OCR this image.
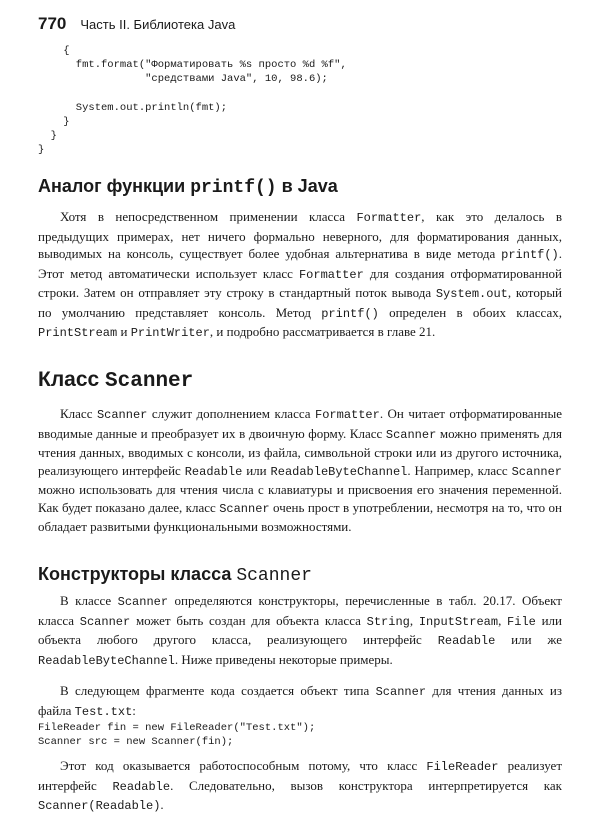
770 Часть II. Библиотека Java
{
fmt.format("Форматировать %s просто %d %f",
"средствами Java", 10, 98.6);

System.out.println(fmt);
}
}
}
Аналог функции printf() в Java
Хотя в непосредственном применении класса Formatter, как это делалось в предыдущих примерах, нет ничего формально неверного, для форматирования данных, выводимых на консоль, существует более удобная альтернатива в виде метода printf(). Этот метод автоматически использует класс Formatter для создания отформатированной строки. Затем он отправляет эту строку в стандартный поток вывода System.out, который по умолчанию представляет консоль. Метод printf() определен в обоих классах, PrintStream и PrintWriter, и подробно рассматривается в главе 21.
Класс Scanner
Класс Scanner служит дополнением класса Formatter. Он читает отформатированные вводимые данные и преобразует их в двоичную форму. Класс Scanner можно применять для чтения данных, вводимых с консоли, из файла, символьной строки или из другого источника, реализующего интерфейс Readable или ReadableByteChannel. Например, класс Scanner можно использовать для чтения числа с клавиатуры и присвоения его значения переменной. Как будет показано далее, класс Scanner очень прост в употреблении, несмотря на то, что он обладает развитыми функциональными возможностями.
Конструкторы класса Scanner
В классе Scanner определяются конструкторы, перечисленные в табл. 20.17. Объект класса Scanner может быть создан для объекта класса String, InputStream, File или объекта любого другого класса, реализующего интерфейс Readable или же ReadableByteChannel. Ниже приведены некоторые примеры.
В следующем фрагменте кода создается объект типа Scanner для чтения данных из файла Test.txt:
FileReader fin = new FileReader("Test.txt");
Scanner src = new Scanner(fin);
Этот код оказывается работоспособным потому, что класс FileReader реализует интерфейс Readable. Следовательно, вызов конструктора интерпретируется как Scanner(Readable).
